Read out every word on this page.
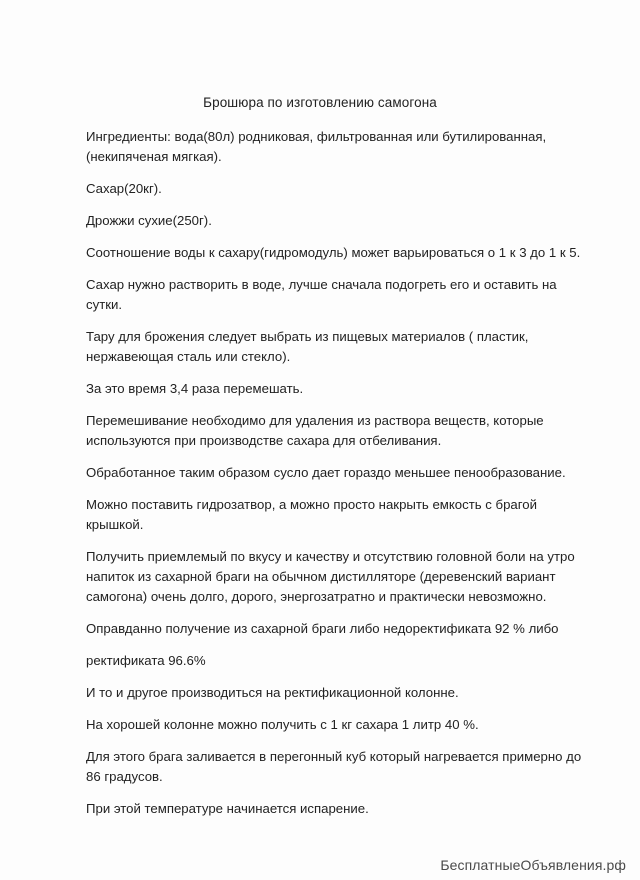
Брошюра по изготовлению самогона

Ингредиенты: вода(80л) родниковая, фильтрованная или бутилированная,
(некипяченая мягкая).

Сахар(20кг).

Дрожжи сухие(250г).

Соотношение воды к сахару(гидромодуль) может варьироваться о 1 к 3 до 1 к 5.

Сахар нужно растворить в воде, лучше сначала подогреть его и оставить на
сутки.

Тару для брожения следует выбрать из пищевых материалов ( пластик,
нержавеющая сталь или стекло).

За это время 3,4 раза перемешать.

Перемешивание необходимо для удаления из раствора веществ, которые
используются при производстве сахара для отбеливания.

Обработанное таким образом сусло дает гораздо меньшее пенообразование.

Можно поставить гидрозатвор, а можно просто накрыть емкость с брагой
крышкой.

Получить приемлемый по вкусу и качеству и отсутствию головной боли на утро
напиток из сахарной браги на обычном дистилляторе (деревенский вариант
самогона) очень долго, дорого, энергозатратно и практически невозможно.

Оправданно получение из сахарной браги либо недоректификата 92 % либо

ректификата 96.6%

И то и другое производиться на ректификационной колонне.

На хорошей колонне можно получить с 1 кг сахара 1 литр 40 %.

Для этого брага заливается в перегонный куб который нагревается примерно до
86 градусов.

При этой температуре начинается испарение.

БесплатныеОбъявления.рф
